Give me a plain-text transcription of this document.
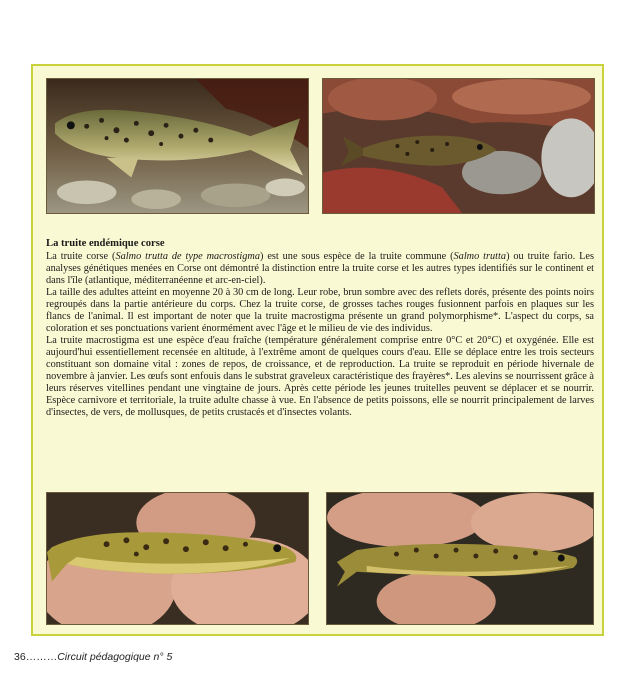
La truite endémique corse

La truite corse (Salmo trutta de type macrostigma) est une sous espèce de la truite commune (Salmo trutta) ou truite fario. Les analyses génétiques menées en Corse ont démontré la distinction entre la truite corse et les autres types identifiés sur le continent et dans l'île (atlantique, méditerranéenne et arc-en-ciel).

La taille des adultes atteint en moyenne 20 à 30 cm de long. Leur robe, brun sombre avec des reflets dorés, présente des points noirs regroupés dans la partie antérieure du corps. Chez la truite corse, de grosses taches rouges fusionnent parfois en plaques sur les flancs de l'animal. Il est important de noter que la truite macrostigma présente un grand polymorphisme*. L'aspect du corps, sa coloration et ses ponctuations varient énormément avec l'âge et le milieu de vie des individus.

La truite macrostigma est une espèce d'eau fraîche (température généralement comprise entre 0°C et 20°C) et oxygénée. Elle est aujourd'hui essentiellement recensée en altitude, à l'extrême amont de quelques cours d'eau. Elle se déplace entre les trois secteurs constituant son domaine vital : zones de repos, de croissance, et de reproduction. La truite se reproduit en période hivernale de novembre à janvier. Les œufs sont enfouis dans le substrat graveleux caractéristique des frayères*. Les alevins se nourrissent grâce à leurs réserves vitellines pendant une vingtaine de jours. Après cette période les jeunes truitelles peuvent se déplacer et se nourrir. Espèce carnivore et territoriale, la truite adulte chasse à vue. En l'absence de petits poissons, elle se nourrit principalement de larves d'insectes, de vers, de mollusques, de petits crustacés et d'insectes volants.

36………Circuit pédagogique n° 5
